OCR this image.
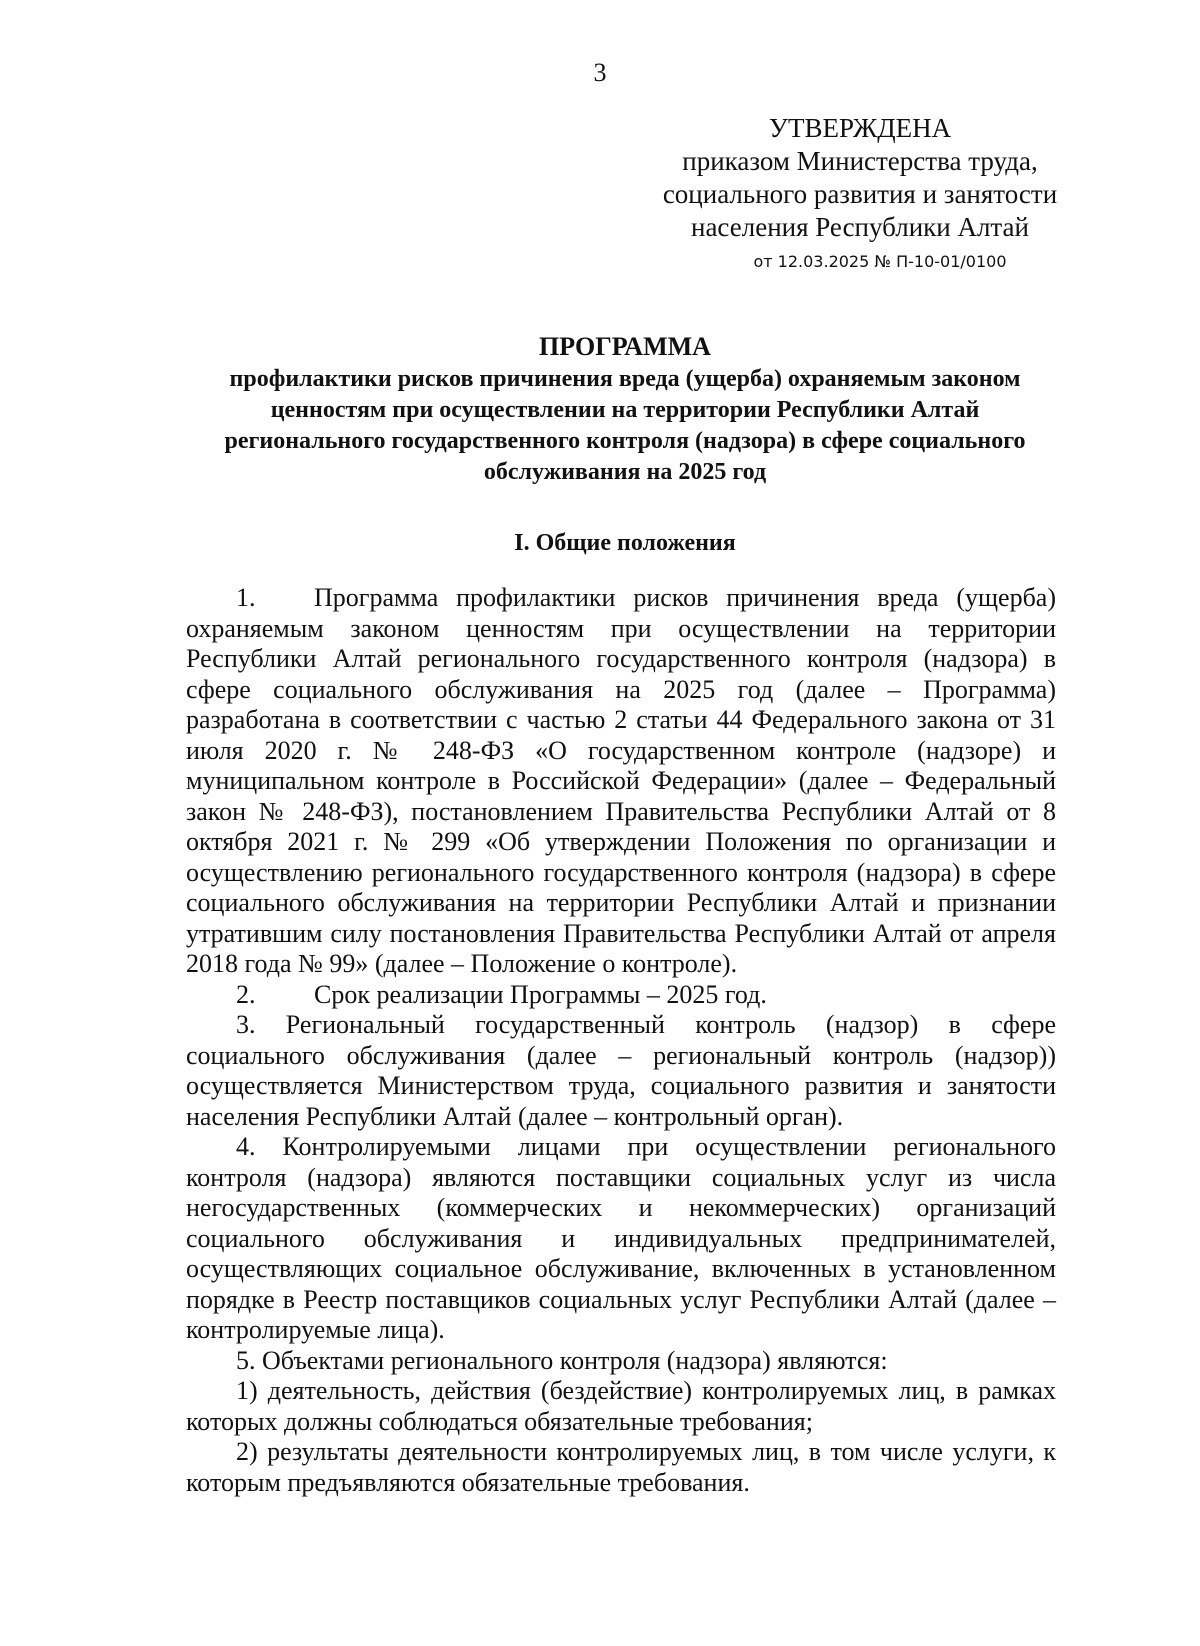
3
УТВЕРЖДЕНА
приказом Министерства труда,
социального развития и занятости
населения Республики Алтай
от 12.03.2025 № П-10-01/0100
ПРОГРАММА
профилактики рисков причинения вреда (ущерба) охраняемым законом
ценностям при осуществлении на территории Республики Алтай
регионального государственного контроля (надзора) в сфере социального
обслуживания на 2025 год
I. Общие положения

1. Программа профилактики рисков причинения вреда (ущерба) охраняемым законом ценностям при осуществлении на территории Республики Алтай регионального государственного контроля (надзора) в сфере социального обслуживания на 2025 год (далее – Программа) разработана в соответствии с частью 2 статьи 44 Федерального закона от 31 июля 2020 г. № 248-ФЗ «О государственном контроле (надзоре) и муниципальном контроле в Российской Федерации» (далее – Федеральный закон № 248-ФЗ), постановлением Правительства Республики Алтай от 8 октября 2021 г. № 299 «Об утверждении Положения по организации и осуществлению регионального государственного контроля (надзора) в сфере социального обслуживания на территории Республики Алтай и признании утратившим силу постановления Правительства Республики Алтай от апреля 2018 года № 99» (далее – Положение о контроле).

2. Срок реализации Программы – 2025 год.

3. Региональный государственный контроль (надзор) в сфере социального обслуживания (далее – региональный контроль (надзор)) осуществляется Министерством труда, социального развития и занятости населения Республики Алтай (далее – контрольный орган).

4. Контролируемыми лицами при осуществлении регионального контроля (надзора) являются поставщики социальных услуг из числа негосударственных (коммерческих и некоммерческих) организаций социального обслуживания и индивидуальных предпринимателей, осуществляющих социальное обслуживание, включенных в установленном порядке в Реестр поставщиков социальных услуг Республики Алтай (далее – контролируемые лица).

5. Объектами регионального контроля (надзора) являются:

1) деятельность, действия (бездействие) контролируемых лиц, в рамках которых должны соблюдаться обязательные требования;

2) результаты деятельности контролируемых лиц, в том числе услуги, к которым предъявляются обязательные требования.
